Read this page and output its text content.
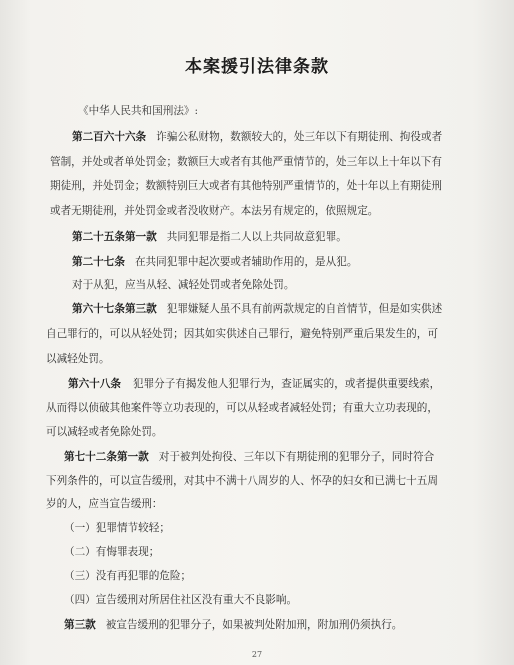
本案援引法律条款
《中华人民共和国刑法》:
第二百六十六条 诈骗公私财物，数额较大的，处三年以下有期徒刑、拘役或者
管制，并处或者单处罚金；数额巨大或者有其他严重情节的，处三年以上十年以下有
期徒刑，并处罚金；数额特别巨大或者有其他特别严重情节的，处十年以上有期徒刑
或者无期徒刑，并处罚金或者没收财产。本法另有规定的，依照规定。
第二十五条第一款 共同犯罪是指二人以上共同故意犯罪。
第二十七条 在共同犯罪中起次要或者辅助作用的，是从犯。
对于从犯，应当从轻、减轻处罚或者免除处罚。
第六十七条第三款 犯罪嫌疑人虽不具有前两款规定的自首情节，但是如实供述
自己罪行的，可以从轻处罚；因其如实供述自己罪行，避免特别严重后果发生的，可
以减轻处罚。
第六十八条 犯罪分子有揭发他人犯罪行为，查证属实的，或者提供重要线索，
从而得以侦破其他案件等立功表现的，可以从轻或者减轻处罚；有重大立功表现的，
可以减轻或者免除处罚。
第七十二条第一款 对于被判处拘役、三年以下有期徒刑的犯罪分子，同时符合
下列条件的，可以宣告缓刑，对其中不满十八周岁的人、怀孕的妇女和已满七十五周
岁的人，应当宣告缓刑：
（一）犯罪情节较轻；
（二）有悔罪表现；
（三）没有再犯罪的危险；
（四）宣告缓刑对所居住社区没有重大不良影响。
第三款 被宣告缓刑的犯罪分子，如果被判处附加刑，附加刑仍须执行。
27
